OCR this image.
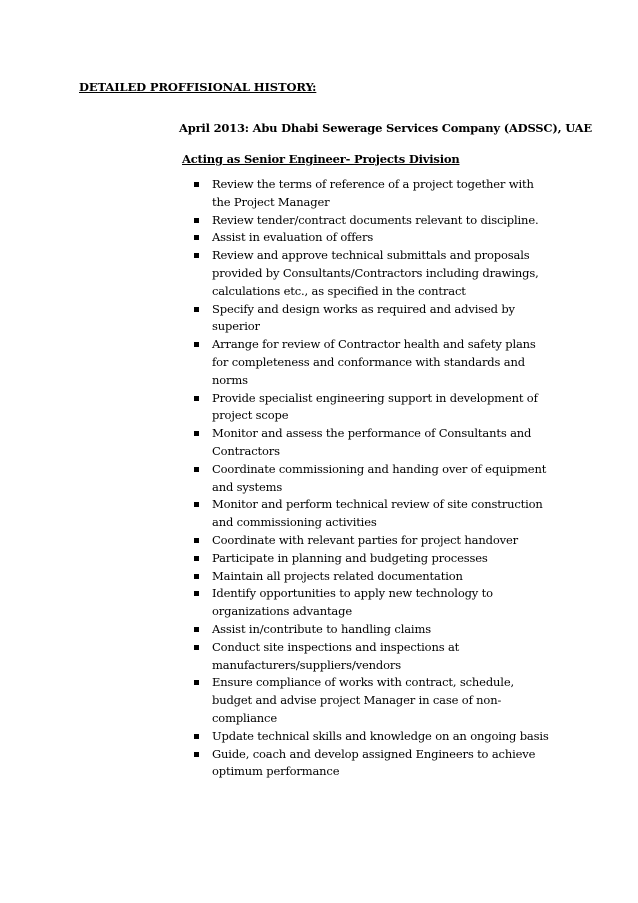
DETAILED PROFFISIONAL HISTORY:

April 2013: Abu Dhabi Sewerage Services Company (ADSSC), UAE

Acting as Senior Engineer- Projects Division

Review the terms of reference of a project together with the Project Manager
Review tender/contract documents relevant to discipline.
Assist in evaluation of offers
Review and approve technical submittals and proposals provided by Consultants/Contractors including drawings, calculations etc., as specified in the contract
Specify and design works as required and advised by superior
Arrange for review of Contractor health and safety plans for completeness and conformance with standards and norms
Provide specialist engineering support in development of project scope
Monitor and assess the performance of Consultants and Contractors
Coordinate commissioning and handing over of equipment and systems
Monitor and perform technical review of site construction and commissioning activities
Coordinate with relevant parties for project handover
Participate in planning and budgeting processes
Maintain all projects related documentation
Identify opportunities to apply new technology to organizations advantage
Assist in/contribute to handling claims
Conduct site inspections and inspections at manufacturers/suppliers/vendors
Ensure compliance of works with contract, schedule, budget and advise project Manager in case of non-compliance
Update technical skills and knowledge on an ongoing basis
Guide, coach and develop assigned Engineers to achieve optimum performance
